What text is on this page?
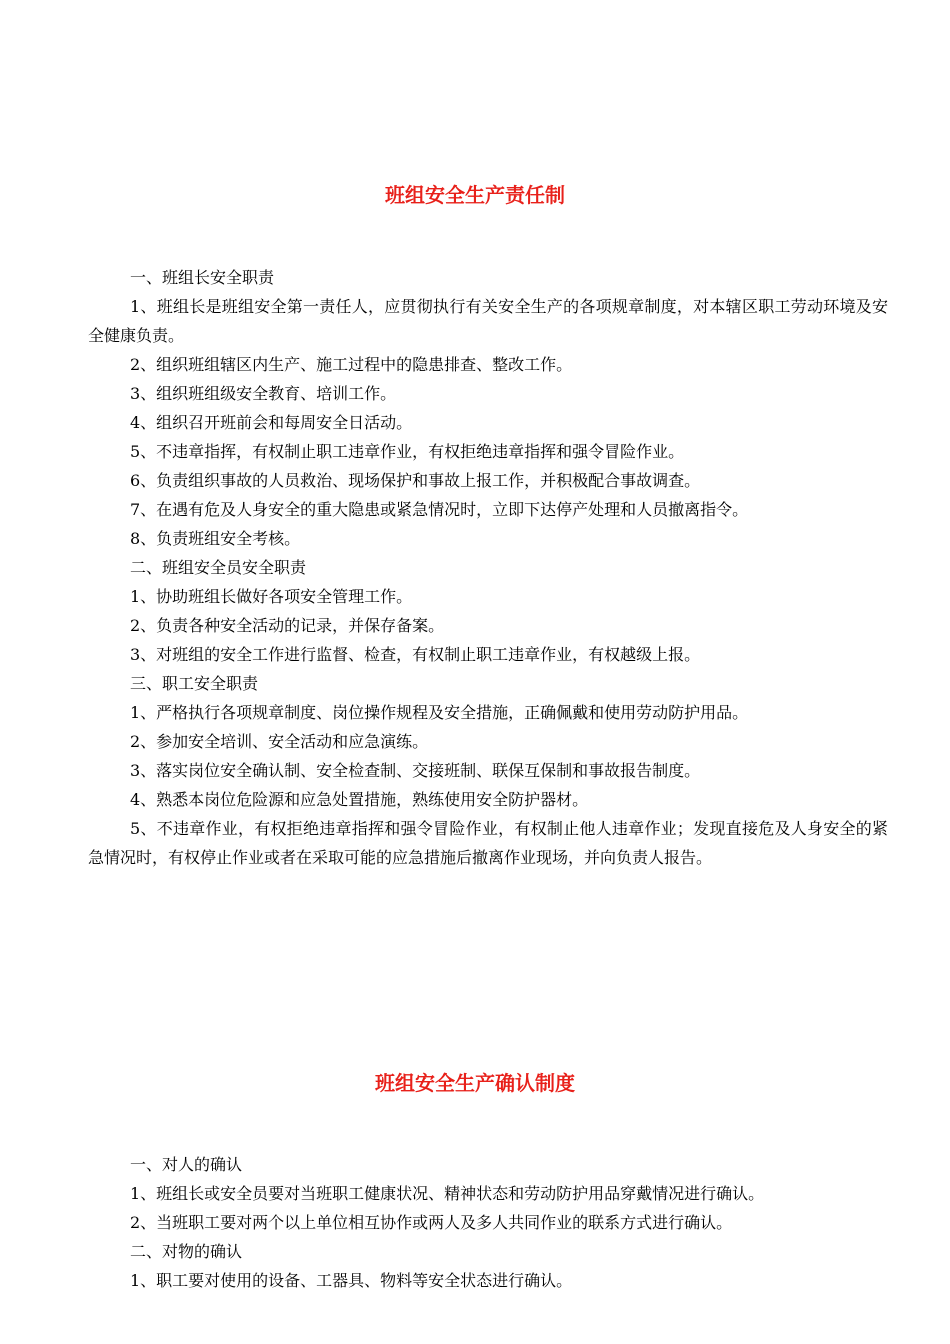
班组安全生产责任制

一、班组长安全职责

1、班组长是班组安全第一责任人，应贯彻执行有关安全生产的各项规章制度，对本辖区职工劳动环境及安全健康负责。

2、组织班组辖区内生产、施工过程中的隐患排查、整改工作。

3、组织班组级安全教育、培训工作。

4、组织召开班前会和每周安全日活动。

5、不违章指挥，有权制止职工违章作业，有权拒绝违章指挥和强令冒险作业。

6、负责组织事故的人员救治、现场保护和事故上报工作，并积极配合事故调查。

7、在遇有危及人身安全的重大隐患或紧急情况时，立即下达停产处理和人员撤离指令。

8、负责班组安全考核。

二、班组安全员安全职责

1、协助班组长做好各项安全管理工作。

2、负责各种安全活动的记录，并保存备案。

3、对班组的安全工作进行监督、检查，有权制止职工违章作业，有权越级上报。

三、职工安全职责

1、严格执行各项规章制度、岗位操作规程及安全措施，正确佩戴和使用劳动防护用品。

2、参加安全培训、安全活动和应急演练。

3、落实岗位安全确认制、安全检查制、交接班制、联保互保制和事故报告制度。

4、熟悉本岗位危险源和应急处置措施，熟练使用安全防护器材。

5、不违章作业，有权拒绝违章指挥和强令冒险作业，有权制止他人违章作业；发现直接危及人身安全的紧急情况时，有权停止作业或者在采取可能的应急措施后撤离作业现场，并向负责人报告。

班组安全生产确认制度

一、对人的确认

1、班组长或安全员要对当班职工健康状况、精神状态和劳动防护用品穿戴情况进行确认。

2、当班职工要对两个以上单位相互协作或两人及多人共同作业的联系方式进行确认。

二、对物的确认

1、职工要对使用的设备、工器具、物料等安全状态进行确认。
